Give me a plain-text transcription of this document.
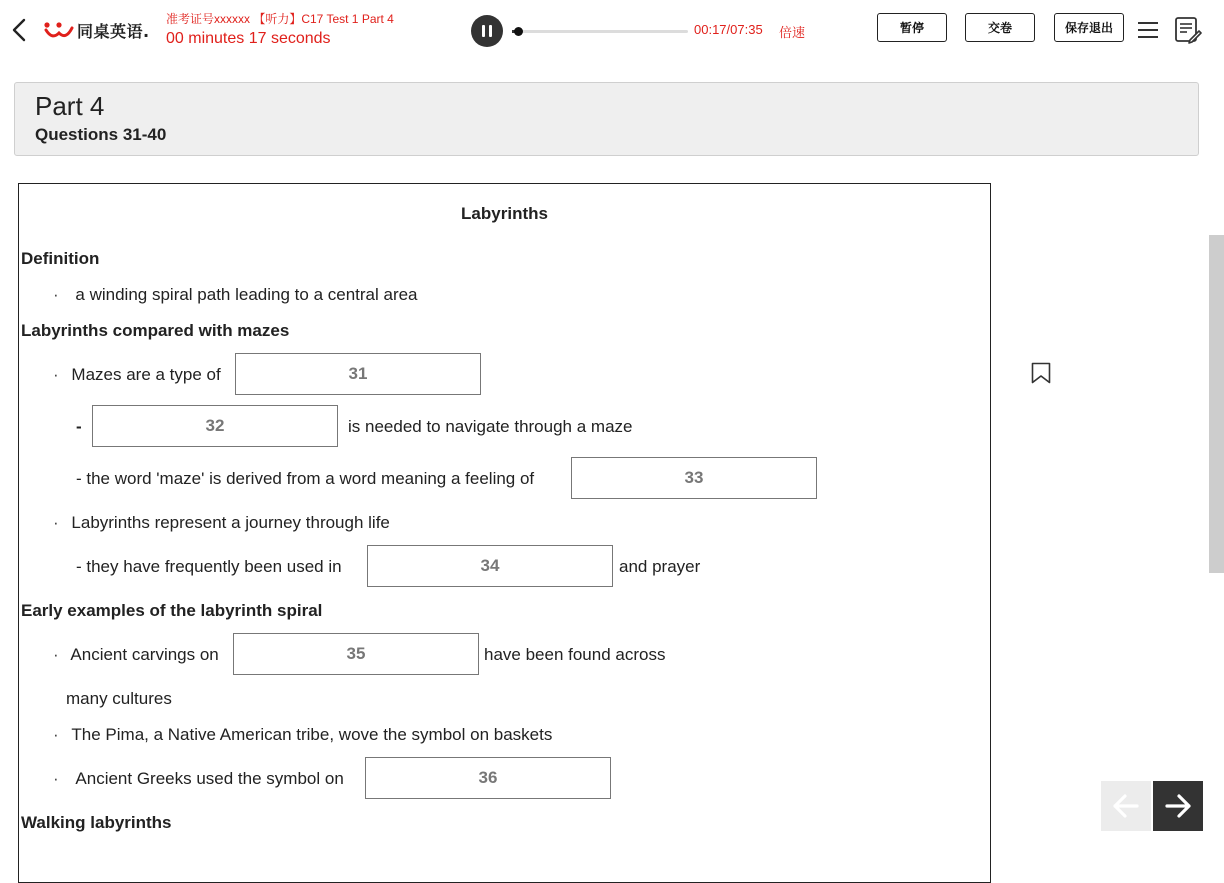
同桌英语.
准考证号xxxxxx 【听力】C17 Test 1 Part 4
00 minutes 17 seconds
00:17/07:35 倍速	暂停	交卷	保存退出
Part 4
Questions 31-40
Labyrinths
Definition
· a winding spiral path leading to a central area
Labyrinths compared with mazes
· Mazes are a type of	31
-	32	is needed to navigate through a maze
- the word 'maze' is derived from a word meaning a feeling of	33
· Labyrinths represent a journey through life
- they have frequently been used in	34	and prayer
Early examples of the labyrinth spiral
· Ancient carvings on	35	have been found across
many cultures
· The Pima, a Native American tribe, wove the symbol on baskets
· Ancient Greeks used the symbol on	36
Walking labyrinths
